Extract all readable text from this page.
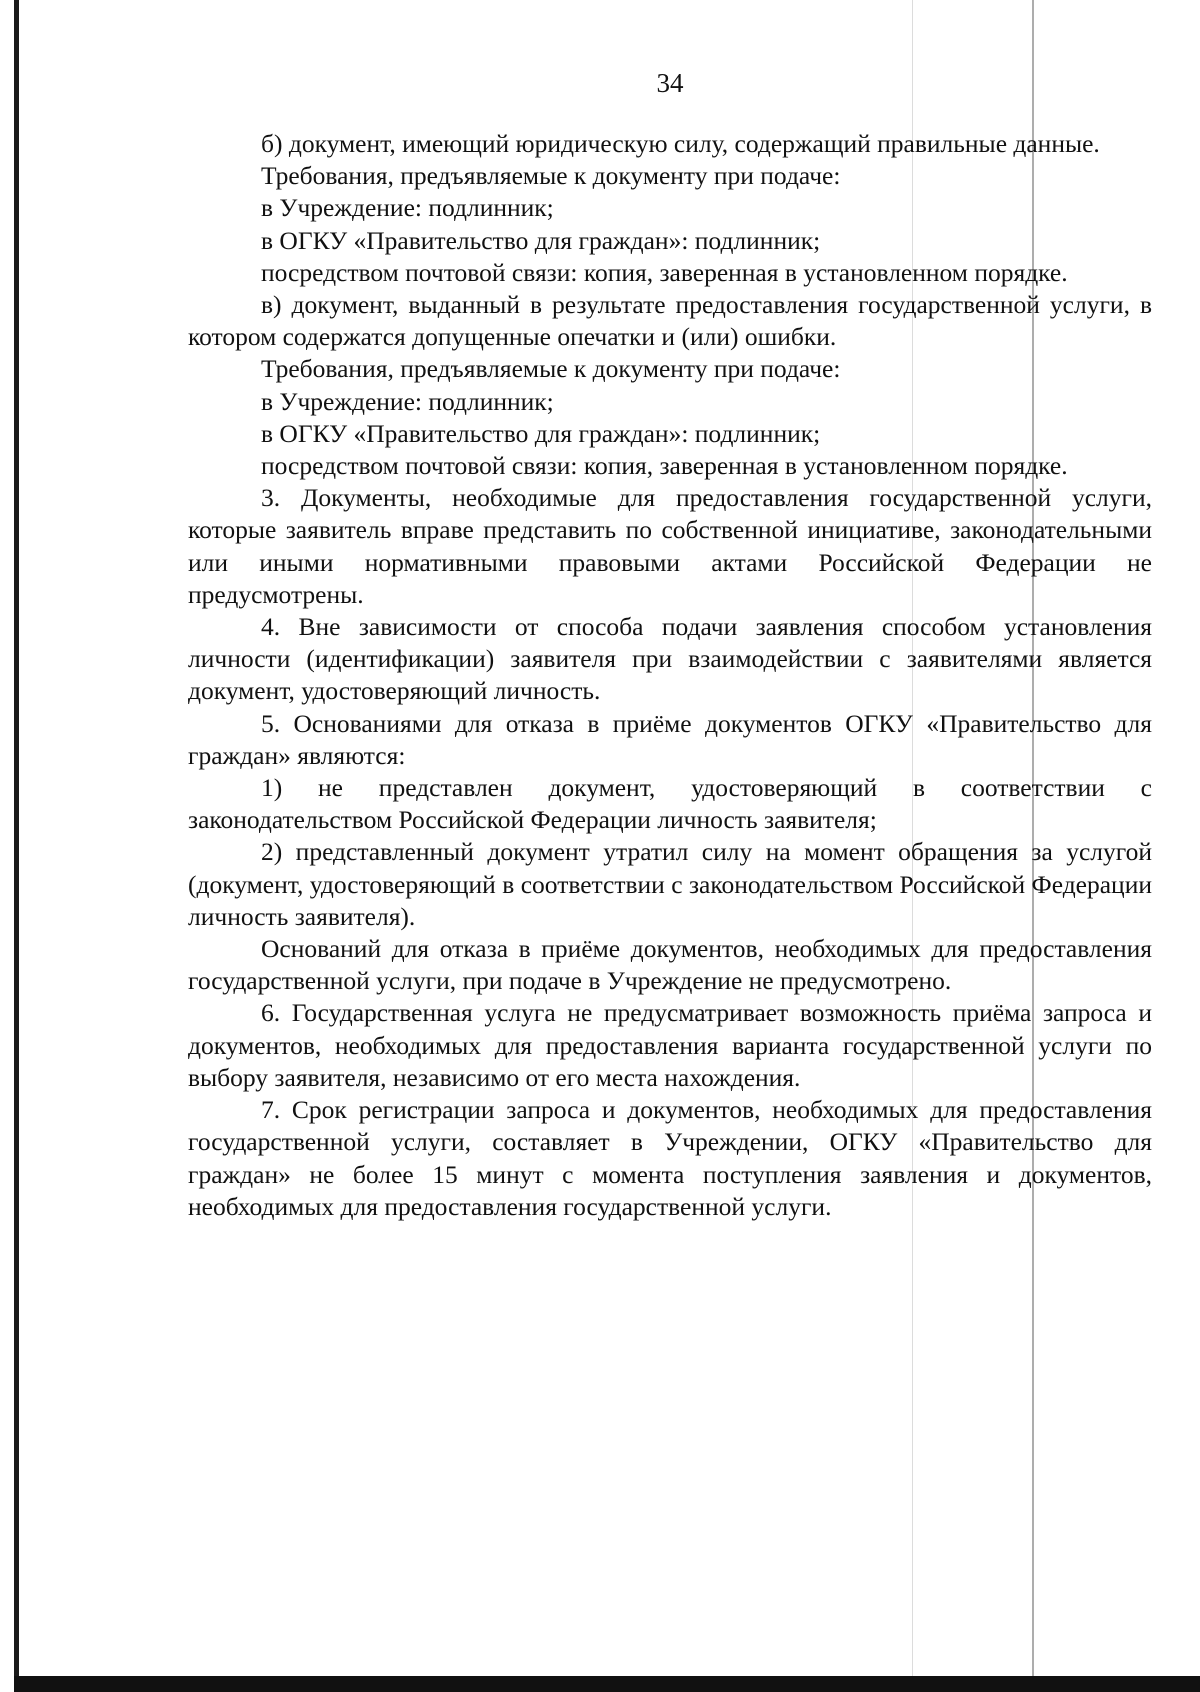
34

б) документ, имеющий юридическую силу, содержащий правильные данные.

Требования, предъявляемые к документу при подаче:

в Учреждение: подлинник;

в ОГКУ «Правительство для граждан»: подлинник;

посредством почтовой связи: копия, заверенная в установленном порядке.

в) документ, выданный в результате предоставления государственной услуги, в котором содержатся допущенные опечатки и (или) ошибки.

Требования, предъявляемые к документу при подаче:

в Учреждение: подлинник;

в ОГКУ «Правительство для граждан»: подлинник;

посредством почтовой связи: копия, заверенная в установленном порядке.

3. Документы, необходимые для предоставления государственной услуги, которые заявитель вправе представить по собственной инициативе, законодательными или иными нормативными правовыми актами Российской Федерации не предусмотрены.

4. Вне зависимости от способа подачи заявления способом установления личности (идентификации) заявителя при взаимодействии с заявителями является документ, удостоверяющий личность.

5. Основаниями для отказа в приёме документов ОГКУ «Правительство для граждан» являются:

1) не представлен документ, удостоверяющий в соответствии с законодательством Российской Федерации личность заявителя;

2) представленный документ утратил силу на момент обращения за услугой (документ, удостоверяющий в соответствии с законодательством Российской Федерации личность заявителя).

Оснований для отказа в приёме документов, необходимых для предоставления государственной услуги, при подаче в Учреждение не предусмотрено.

6. Государственная услуга не предусматривает возможность приёма запроса и документов, необходимых для предоставления варианта государственной услуги по выбору заявителя, независимо от его места нахождения.

7. Срок регистрации запроса и документов, необходимых для предоставления государственной услуги, составляет в Учреждении, ОГКУ «Правительство для граждан» не более 15 минут с момента поступления заявления и документов, необходимых для предоставления государственной услуги.
